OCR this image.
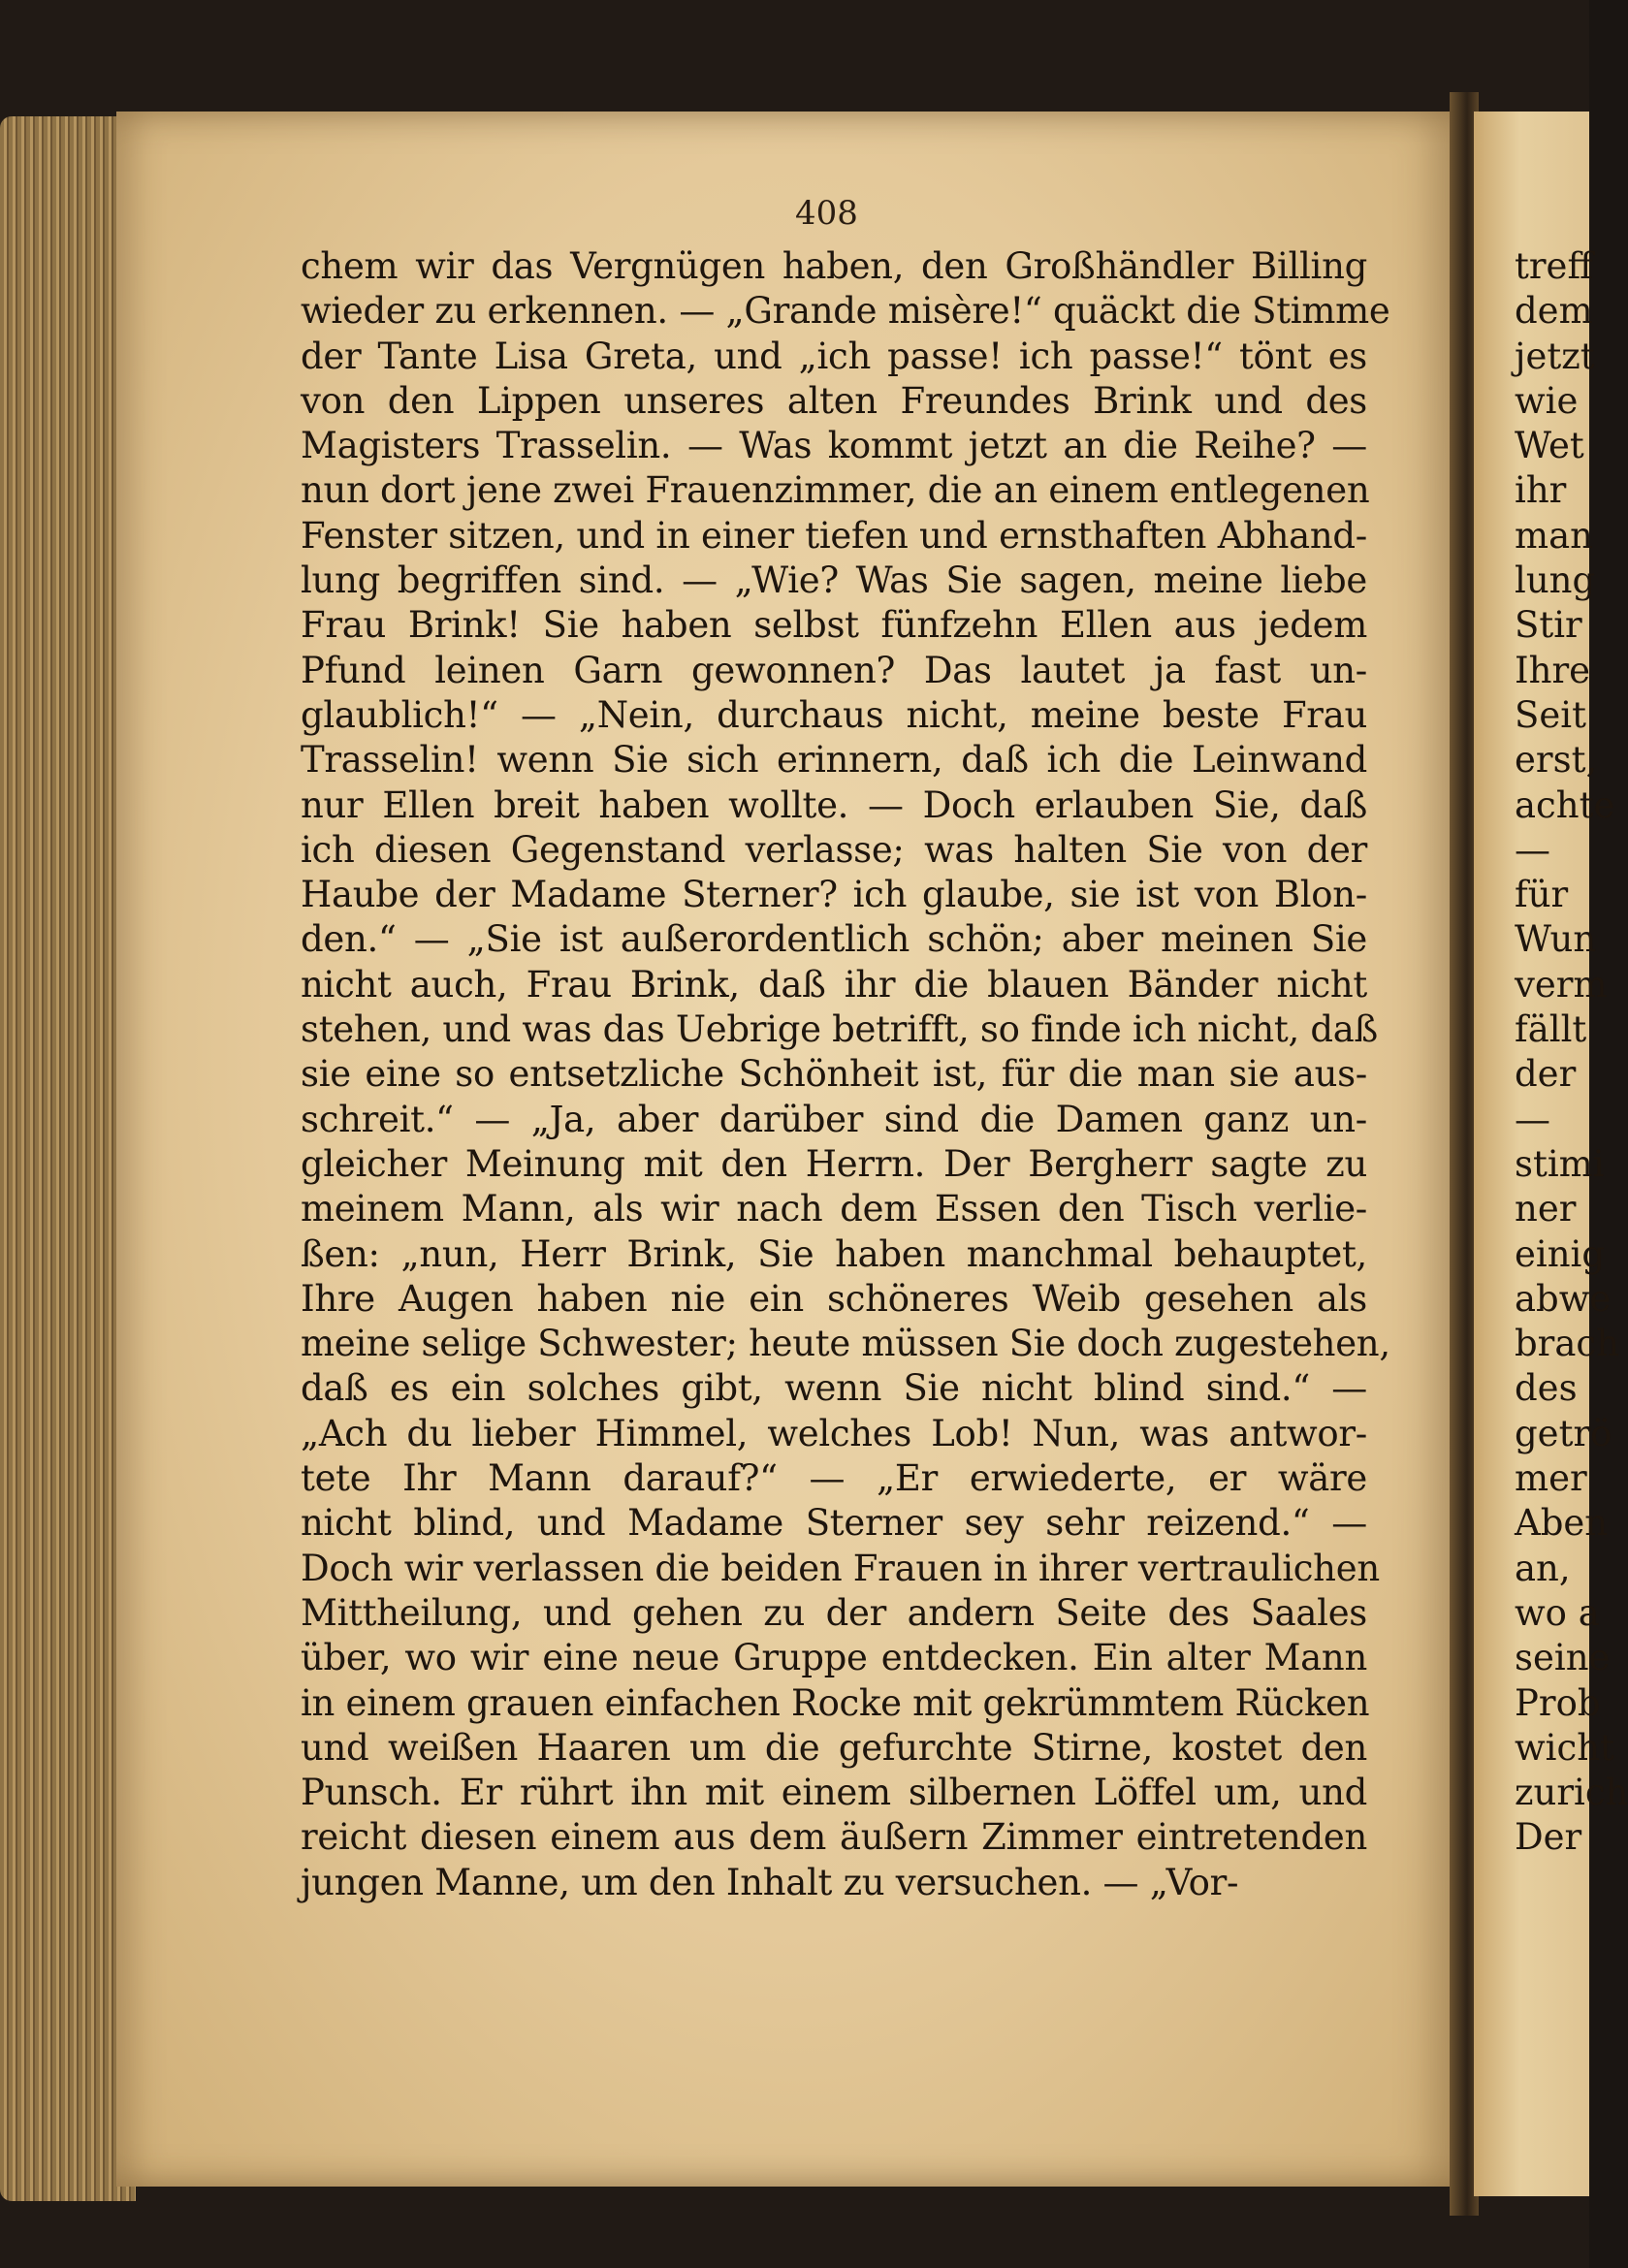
408
chem wir das Vergnügen haben, den Großhändler Billing
wieder zu erkennen. — „Grande misère!“ quäckt die Stimme
der Tante Lisa Greta, und „ich passe! ich passe!“ tönt es
von den Lippen unseres alten Freundes Brink und des
Magisters Trasselin. — Was kommt jetzt an die Reihe? —
nun dort jene zwei Frauenzimmer, die an einem entlegenen
Fenster sitzen, und in einer tiefen und ernsthaften Abhand-
lung begriffen sind. — „Wie? Was Sie sagen, meine liebe
Frau Brink! Sie haben selbst fünfzehn Ellen aus jedem
Pfund leinen Garn gewonnen? Das lautet ja fast un-
glaublich!“ — „Nein, durchaus nicht, meine beste Frau
Trasselin! wenn Sie sich erinnern, daß ich die Leinwand
nur Ellen breit haben wollte. — Doch erlauben Sie, daß
ich diesen Gegenstand verlasse; was halten Sie von der
Haube der Madame Sterner? ich glaube, sie ist von Blon-
den.“ — „Sie ist außerordentlich schön; aber meinen Sie
nicht auch, Frau Brink, daß ihr die blauen Bänder nicht
stehen, und was das Uebrige betrifft, so finde ich nicht, daß
sie eine so entsetzliche Schönheit ist, für die man sie aus-
schreit.“ — „Ja, aber darüber sind die Damen ganz un-
gleicher Meinung mit den Herrn. Der Bergherr sagte zu
meinem Mann, als wir nach dem Essen den Tisch verlie-
ßen: „nun, Herr Brink, Sie haben manchmal behauptet,
Ihre Augen haben nie ein schöneres Weib gesehen als
meine selige Schwester; heute müssen Sie doch zugestehen,
daß es ein solches gibt, wenn Sie nicht blind sind.“ —
„Ach du lieber Himmel, welches Lob! Nun, was antwor-
tete Ihr Mann darauf?“ — „Er erwiederte, er wäre
nicht blind, und Madame Sterner sey sehr reizend.“ —
Doch wir verlassen die beiden Frauen in ihrer vertraulichen
Mittheilung, und gehen zu der andern Seite des Saales
über, wo wir eine neue Gruppe entdecken. Ein alter Mann
in einem grauen einfachen Rocke mit gekrümmtem Rücken
und weißen Haaren um die gefurchte Stirne, kostet den
Punsch. Er rührt ihn mit einem silbernen Löffel um, und
reicht diesen einem aus dem äußern Zimmer eintretenden
jungen Manne, um den Inhalt zu versuchen. — „Vor-
treff
dem
jetzt
wie
Wet
ihr
man
lung
Stir
Ihre
Seit
erst,
achte
—
für
Wun
verm
fällt
der
—
stimi
ner
einig
abwe
brach
des
getrö
mer
Aben
an,
wo a
seine
Prob
wicht
zurich
Der
